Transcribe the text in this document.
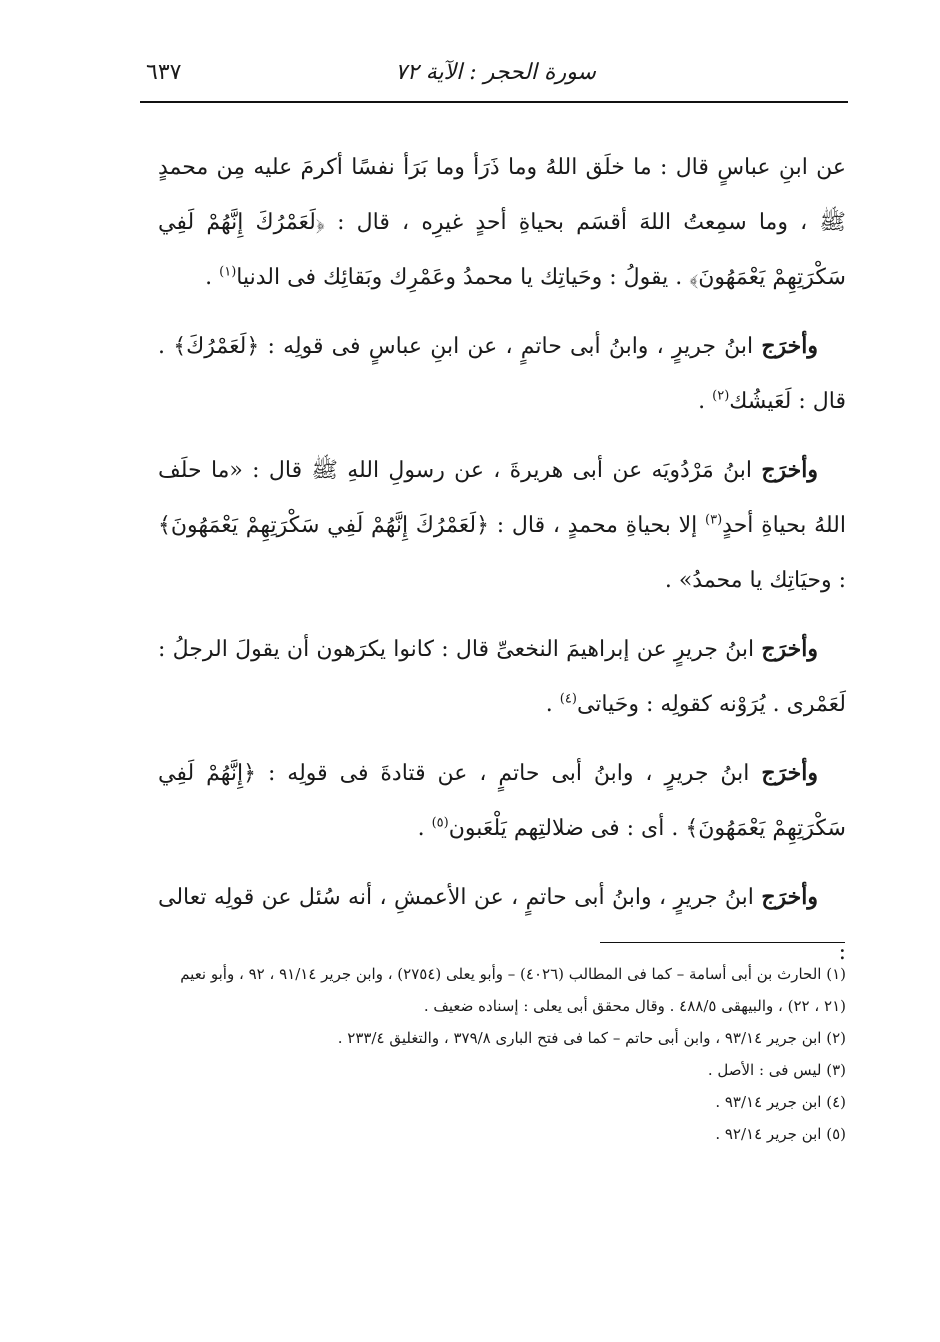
سورة الحجر : الآية ٧٢
٦٣٧

عن ابنِ عباسٍ قال : ما خلَق اللهُ وما ذَرَأ وما بَرَأ نفسًا أكرمَ عليه مِن محمدٍ ﷺ ، وما سمِعتُ اللهَ أقسَم بحياةِ أحدٍ غيرِه ، قال : ﴿لَعَمْرُكَ إِنَّهُمْ لَفِي سَكْرَتِهِمْ يَعْمَهُونَ﴾ . يقولُ : وحَياتِك يا محمدُ وعَمْرِك وبَقائِك فى الدنيا$^{(١)}$ .

وأخرَج ابنُ جريرٍ ، وابنُ أبى حاتمٍ ، عن ابنِ عباسٍ فى قولِه : ﴿لَعَمْرُكَ﴾ . قال : لَعَيشُك$^{(٢)}$ .

وأخرَج ابنُ مَرْدُويَه عن أبى هريرةَ ، عن رسولِ اللهِ ﷺ قال : «ما حلَف اللهُ بحياةِ أحدٍ$^{(٣)}$ إلا بحياةِ محمدٍ ، قال : ﴿لَعَمْرُكَ إِنَّهُمْ لَفِي سَكْرَتِهِمْ يَعْمَهُونَ﴾ : وحيَاتِك يا محمدُ» .

وأخرَج ابنُ جريرٍ عن إبراهيمَ النخعىِّ قال : كانوا يكرَهون أن يقولَ الرجلُ : لَعَمْرى . يُرَوْنه كقولِه : وحَياتى$^{(٤)}$ .

وأخرَج ابنُ جريرٍ ، وابنُ أبى حاتمٍ ، عن قتادةَ فى قولِه : ﴿إِنَّهُمْ لَفِي سَكْرَتِهِمْ يَعْمَهُونَ﴾ . أى : فى ضلالتِهم يَلْعَبون$^{(٥)}$ .

وأخرَج ابنُ جريرٍ ، وابنُ أبى حاتمٍ ، عن الأعمشِ ، أنه سُئل عن قولِه تعالى :

(١) الحارث بن أبى أسامة – كما فى المطالب (٤٠٢٦) – وأبو يعلى (٢٧٥٤) ، وابن جرير ٩١/١٤ ، ٩٢ ، وأبو نعيم (٢١ ، ٢٢) ، والبيهقى ٤٨٨/٥ . وقال محقق أبى يعلى : إسناده ضعيف .
(٢) ابن جرير ٩٣/١٤ ، وابن أبى حاتم – كما فى فتح البارى ٣٧٩/٨ ، والتغليق ٢٣٣/٤ .
(٣) ليس فى : الأصل .
(٤) ابن جرير ٩٣/١٤ .
(٥) ابن جرير ٩٢/١٤ .
